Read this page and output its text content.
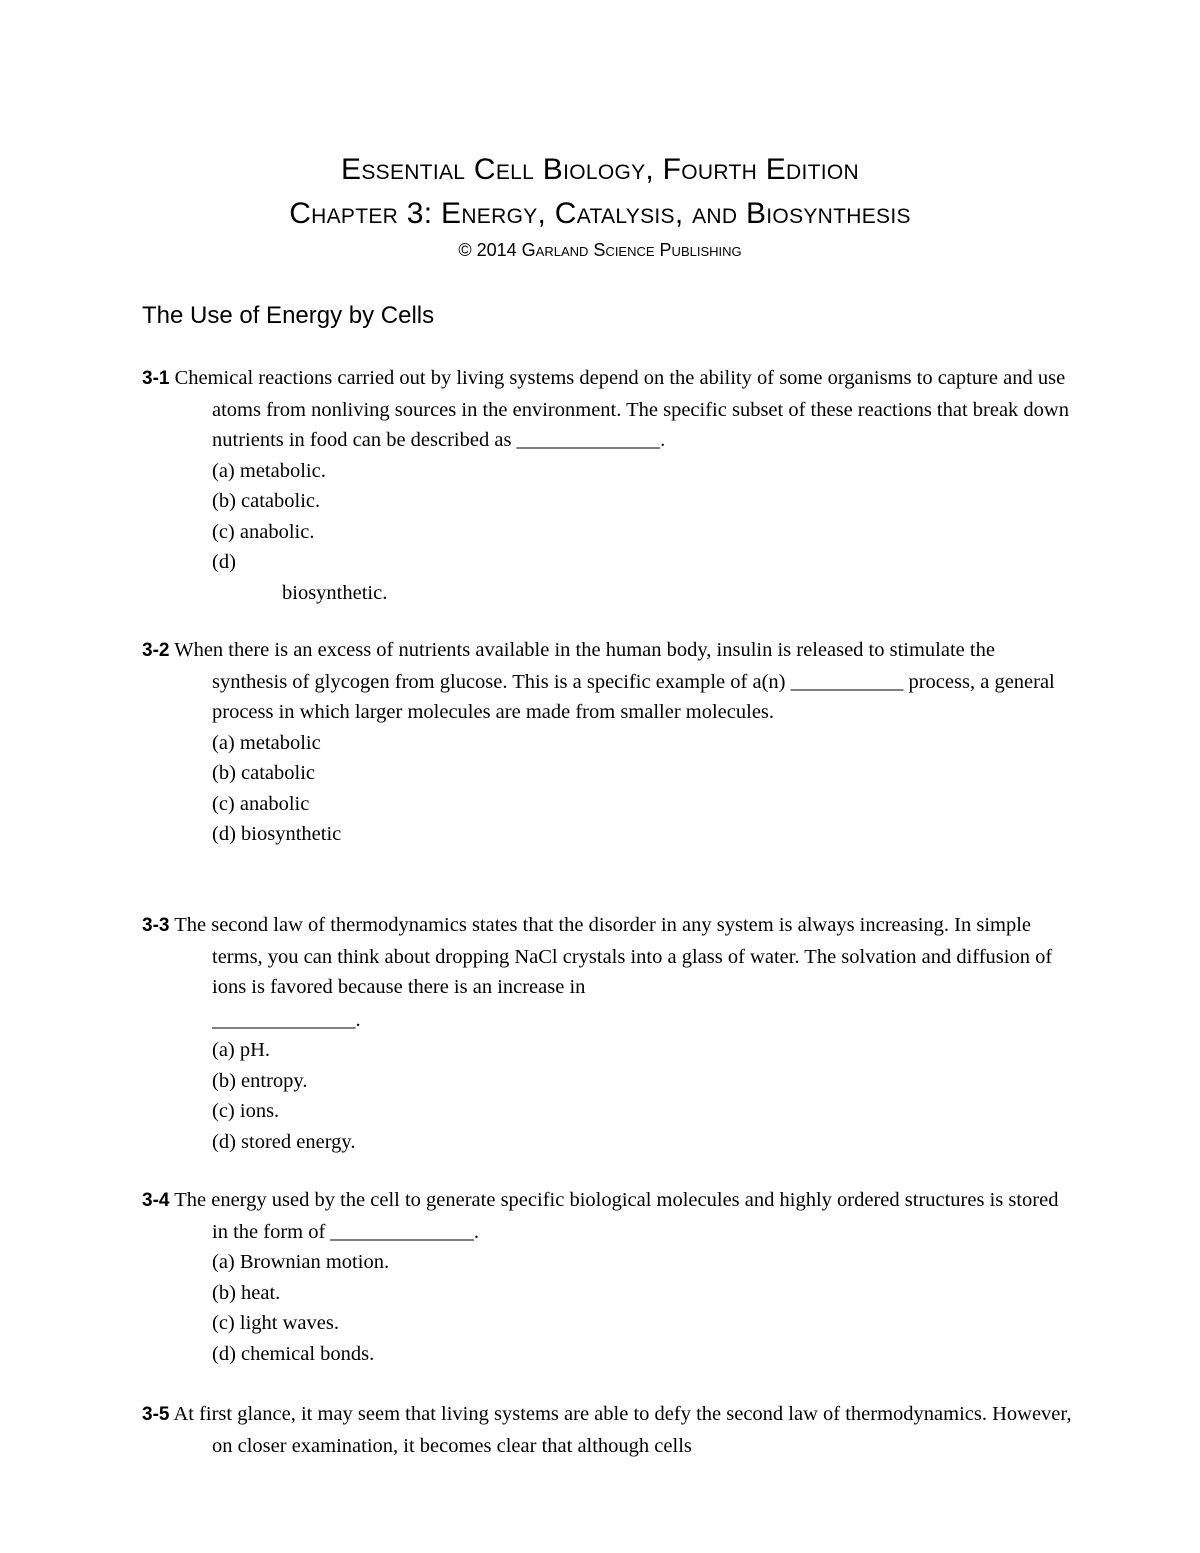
Essential Cell Biology, Fourth Edition
Chapter 3: Energy, Catalysis, and Biosynthesis
© 2014 Garland Science Publishing
The Use of Energy by Cells
3-1 Chemical reactions carried out by living systems depend on the ability of some organisms to capture and use atoms from nonliving sources in the environment. The specific subset of these reactions that break down nutrients in food can be described as ______________.
(a) metabolic.
(b) catabolic.
(c) anabolic.
(d)
biosynthetic.
3-2 When there is an excess of nutrients available in the human body, insulin is released to stimulate the synthesis of glycogen from glucose. This is a specific example of a(n) ___________ process, a general process in which larger molecules are made from smaller molecules.
(a) metabolic
(b) catabolic
(c) anabolic
(d) biosynthetic
3-3 The second law of thermodynamics states that the disorder in any system is always increasing. In simple terms, you can think about dropping NaCl crystals into a glass of water. The solvation and diffusion of ions is favored because there is an increase in
______________.
(a) pH.
(b) entropy.
(c) ions.
(d) stored energy.
3-4 The energy used by the cell to generate specific biological molecules and highly ordered structures is stored in the form of ______________.
(a) Brownian motion.
(b) heat.
(c) light waves.
(d) chemical bonds.
3-5 At first glance, it may seem that living systems are able to defy the second law of thermodynamics. However, on closer examination, it becomes clear that although cells
